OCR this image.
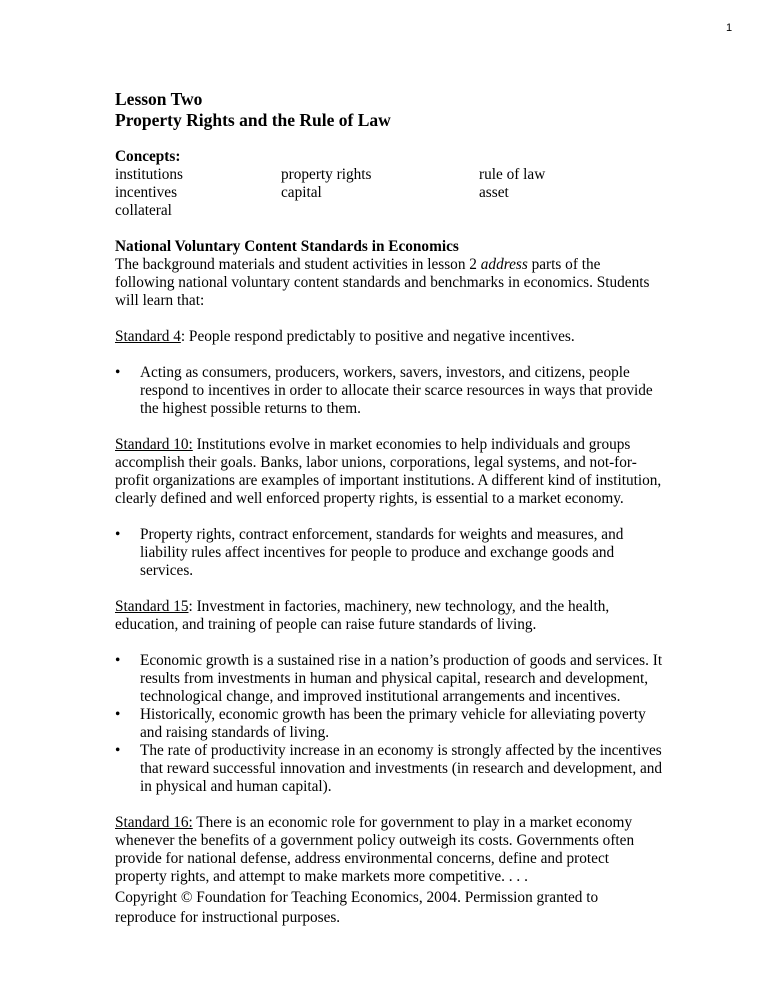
1

Lesson Two

Property Rights and the Rule of Law

Concepts:
institutions	property rights	rule of law
incentives	capital	asset
collateral
National Voluntary Content Standards in Economics

The background materials and student activities in lesson 2 address parts of the following national voluntary content standards and benchmarks in economics. Students will learn that:

Standard 4: People respond predictably to positive and negative incentives.

• Acting as consumers, producers, workers, savers, investors, and citizens, people respond to incentives in order to allocate their scarce resources in ways that provide the highest possible returns to them.

Standard 10: Institutions evolve in market economies to help individuals and groups accomplish their goals. Banks, labor unions, corporations, legal systems, and not-for-profit organizations are examples of important institutions. A different kind of institution, clearly defined and well enforced property rights, is essential to a market economy.

• Property rights, contract enforcement, standards for weights and measures, and liability rules affect incentives for people to produce and exchange goods and services.

Standard 15: Investment in factories, machinery, new technology, and the health, education, and training of people can raise future standards of living.

• Economic growth is a sustained rise in a nation’s production of goods and services. It results from investments in human and physical capital, research and development, technological change, and improved institutional arrangements and incentives.
• Historically, economic growth has been the primary vehicle for alleviating poverty and raising standards of living.
• The rate of productivity increase in an economy is strongly affected by the incentives that reward successful innovation and investments (in research and development, and in physical and human capital).

Standard 16: There is an economic role for government to play in a market economy whenever the benefits of a government policy outweigh its costs. Governments often provide for national defense, address environmental concerns, define and protect property rights, and attempt to make markets more competitive. . . .

Copyright © Foundation for Teaching Economics, 2004. Permission granted to reproduce for instructional purposes.
